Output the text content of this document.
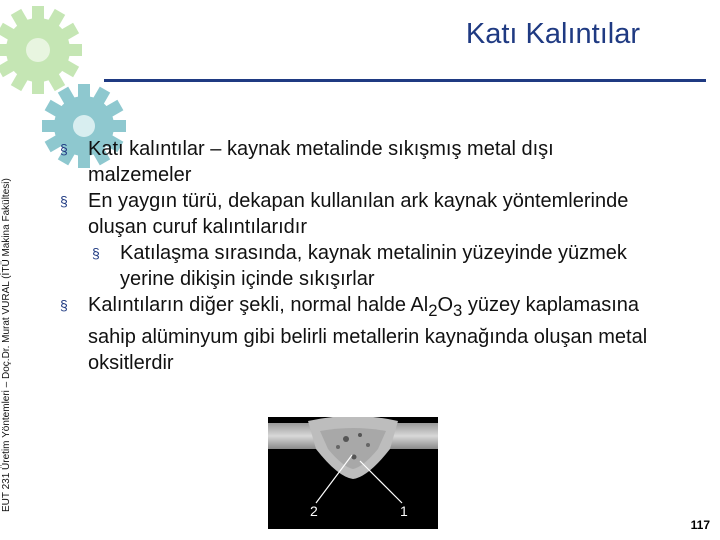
EUT 231 Üretim Yöntemleri – Doç.Dr. Murat VURAL (İTÜ Makina Fakültesi)
Katı Kalıntılar
§ Katı kalıntılar – kaynak metalinde sıkışmış metal dışı malzemeler
§ En yaygın türü, dekapan kullanılan ark kaynak yöntemlerinde oluşan curuf kalıntılarıdır
§ Katılaşma sırasında, kaynak metalinin yüzeyinde yüzmek yerine dikişin içinde sıkışırlar
§ Kalıntıların diğer şekli, normal halde $Al_2O_3$ yüzey kaplamasına sahip alüminyum gibi belirli metallerin kaynağında oluşan metal oksitlerdir
2	1
117
